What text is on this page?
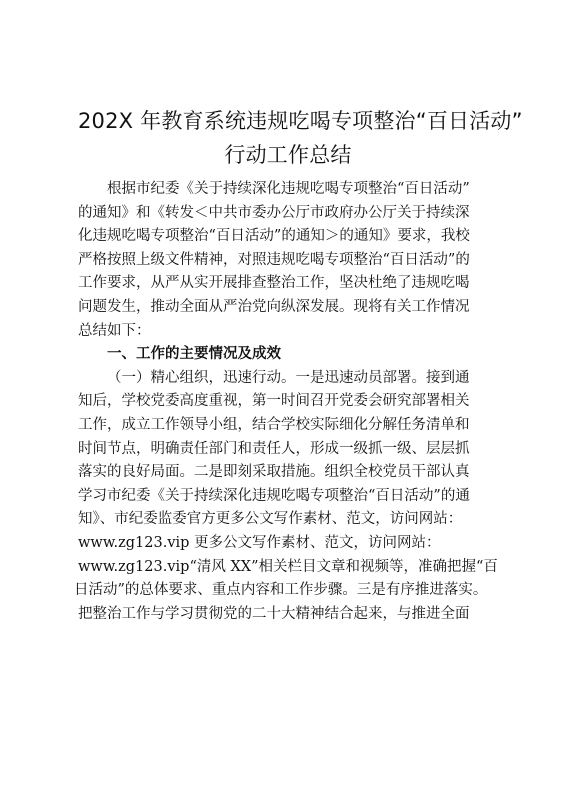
202X 年教育系统违规吃喝专项整治“百日活动”
行动工作总结
根据市纪委《关于持续深化违规吃喝专项整治“百日活动”
的通知》和《转发＜中共市委办公厅市政府办公厅关于持续深
化违规吃喝专项整治“百日活动”的通知＞的通知》要求，我校
严格按照上级文件精神，对照违规吃喝专项整治“百日活动”的
工作要求，从严从实开展排查整治工作，坚决杜绝了违规吃喝
问题发生，推动全面从严治党向纵深发展。现将有关工作情况
总结如下：
一、工作的主要情况及成效
（一）精心组织，迅速行动。一是迅速动员部署。接到通
知后，学校党委高度重视，第一时间召开党委会研究部署相关
工作，成立工作领导小组，结合学校实际细化分解任务清单和
时间节点，明确责任部门和责任人，形成一级抓一级、层层抓
落实的良好局面。二是即刻采取措施。组织全校党员干部认真
学习市纪委《关于持续深化违规吃喝专项整治“百日活动”的通
知》、市纪委监委官方更多公文写作素材、范文，访问网站：
www.zg123.vip 更多公文写作素材、范文，访问网站：
www.zg123.vip“清风 XX”相关栏目文章和视频等，准确把握“百
日活动”的总体要求、重点内容和工作步骤。三是有序推进落实。
把整治工作与学习贯彻党的二十大精神结合起来，与推进全面
